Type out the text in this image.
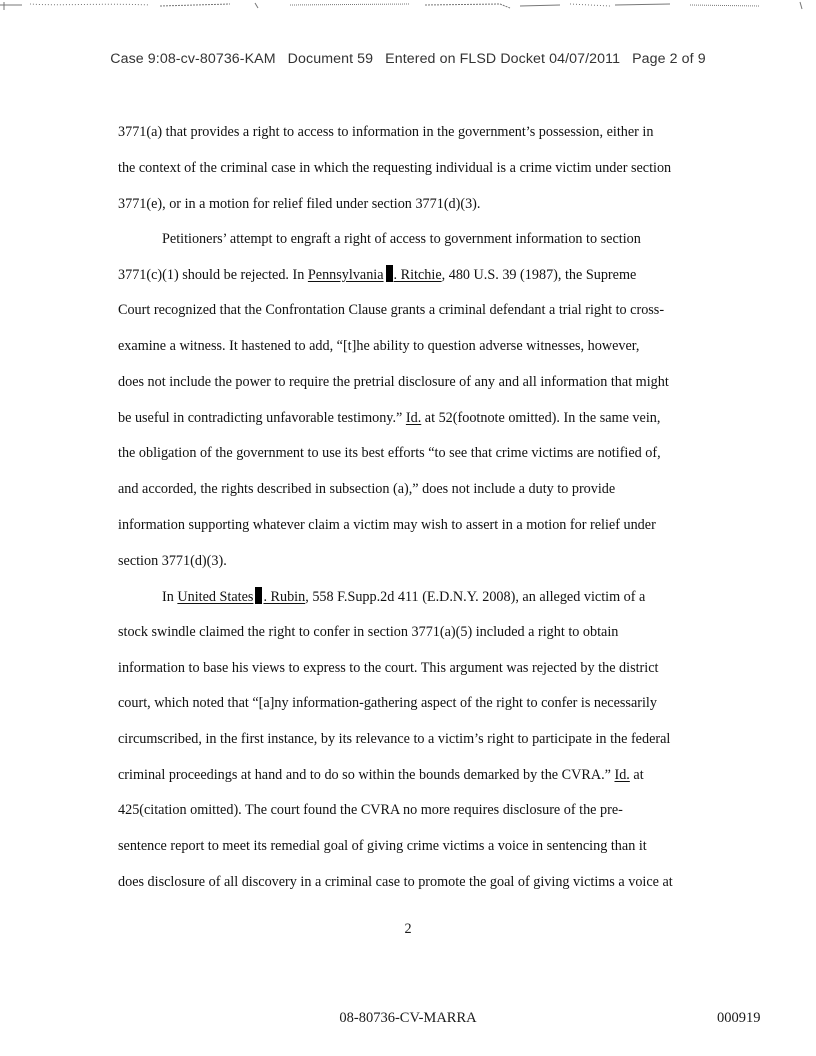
Case 9:08-cv-80736-KAM Document 59 Entered on FLSD Docket 04/07/2011 Page 2 of 9
3771(a) that provides a right to access to information in the government’s possession, either in
the context of the criminal case in which the requesting individual is a crime victim under section
3771(e), or in a motion for relief filed under section 3771(d)(3).
Petitioners’ attempt to engraft a right of access to government information to section
3771(c)(1) should be rejected. In Pennsylvania . Ritchie, 480 U.S. 39 (1987), the Supreme
Court recognized that the Confrontation Clause grants a criminal defendant a trial right to cross-
examine a witness. It hastened to add, “[t]he ability to question adverse witnesses, however,
does not include the power to require the pretrial disclosure of any and all information that might
be useful in contradicting unfavorable testimony.” Id. at 52(footnote omitted). In the same vein,
the obligation of the government to use its best efforts “to see that crime victims are notified of,
and accorded, the rights described in subsection (a),” does not include a duty to provide
information supporting whatever claim a victim may wish to assert in a motion for relief under
section 3771(d)(3).
In United States . Rubin, 558 F.Supp.2d 411 (E.D.N.Y. 2008), an alleged victim of a
stock swindle claimed the right to confer in section 3771(a)(5) included a right to obtain
information to base his views to express to the court. This argument was rejected by the district
court, which noted that “[a]ny information-gathering aspect of the right to confer is necessarily
circumscribed, in the first instance, by its relevance to a victim’s right to participate in the federal
criminal proceedings at hand and to do so within the bounds demarked by the CVRA.” Id. at
425(citation omitted). The court found the CVRA no more requires disclosure of the pre-
sentence report to meet its remedial goal of giving crime victims a voice in sentencing than it
does disclosure of all discovery in a criminal case to promote the goal of giving victims a voice at
2
08-80736-CV-MARRA	000919
